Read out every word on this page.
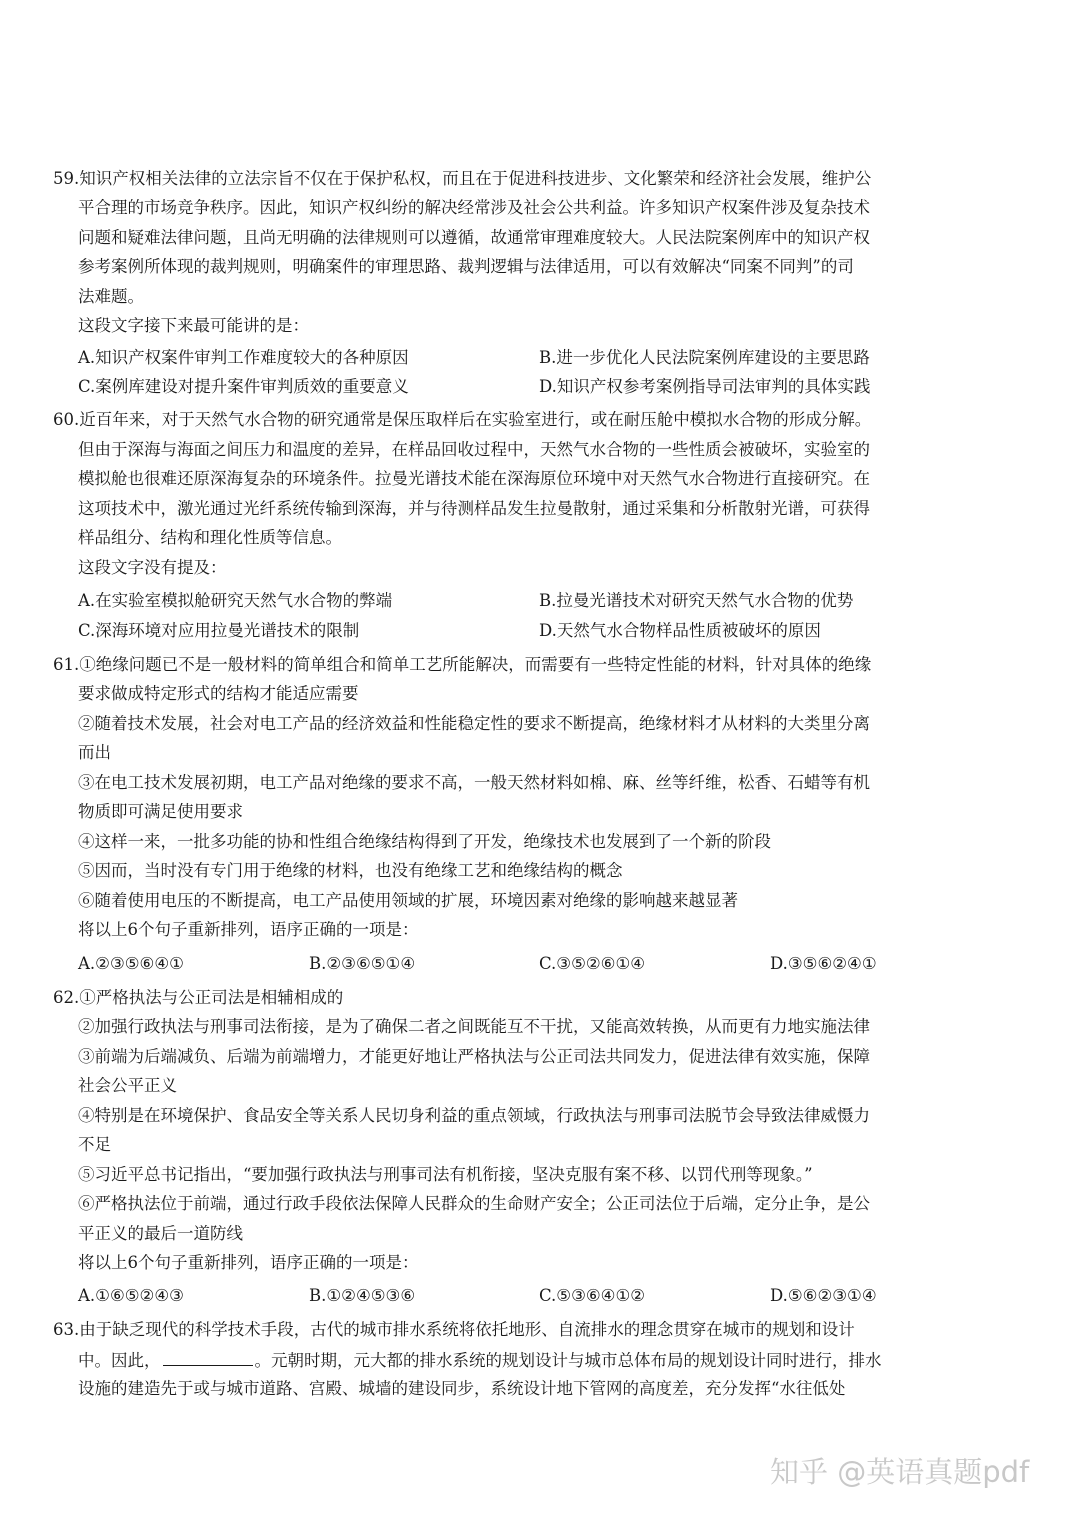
59.知识产权相关法律的立法宗旨不仅在于保护私权，而且在于促进科技进步、文化繁荣和经济社会发展，维护公
平合理的市场竞争秩序。因此，知识产权纠纷的解决经常涉及社会公共利益。许多知识产权案件涉及复杂技术
问题和疑难法律问题，且尚无明确的法律规则可以遵循，故通常审理难度较大。人民法院案例库中的知识产权
参考案例所体现的裁判规则，明确案件的审理思路、裁判逻辑与法律适用，可以有效解决“同案不同判”的司
法难题。
这段文字接下来最可能讲的是：
A.知识产权案件审判工作难度较大的各种原因	B.进一步优化人民法院案例库建设的主要思路
C.案例库建设对提升案件审判质效的重要意义	D.知识产权参考案例指导司法审判的具体实践
60.近百年来，对于天然气水合物的研究通常是保压取样后在实验室进行，或在耐压舱中模拟水合物的形成分解。
但由于深海与海面之间压力和温度的差异，在样品回收过程中，天然气水合物的一些性质会被破坏，实验室的
模拟舱也很难还原深海复杂的环境条件。拉曼光谱技术能在深海原位环境中对天然气水合物进行直接研究。在
这项技术中，激光通过光纤系统传输到深海，并与待测样品发生拉曼散射，通过采集和分析散射光谱，可获得
样品组分、结构和理化性质等信息。
这段文字没有提及：
A.在实验室模拟舱研究天然气水合物的弊端	B.拉曼光谱技术对研究天然气水合物的优势
C.深海环境对应用拉曼光谱技术的限制	D.天然气水合物样品性质被破坏的原因
61.①绝缘问题已不是一般材料的简单组合和简单工艺所能解决，而需要有一些特定性能的材料，针对具体的绝缘
要求做成特定形式的结构才能适应需要
②随着技术发展，社会对电工产品的经济效益和性能稳定性的要求不断提高，绝缘材料才从材料的大类里分离
而出
③在电工技术发展初期，电工产品对绝缘的要求不高，一般天然材料如棉、麻、丝等纤维，松香、石蜡等有机
物质即可满足使用要求
④这样一来，一批多功能的协和性组合绝缘结构得到了开发，绝缘技术也发展到了一个新的阶段
⑤因而，当时没有专门用于绝缘的材料，也没有绝缘工艺和绝缘结构的概念
⑥随着使用电压的不断提高，电工产品使用领域的扩展，环境因素对绝缘的影响越来越显著
将以上6个句子重新排列，语序正确的一项是：
A.②③⑤⑥④①	B.②③⑥⑤①④	C.③⑤②⑥①④	D.③⑤⑥②④①
62.①严格执法与公正司法是相辅相成的
②加强行政执法与刑事司法衔接，是为了确保二者之间既能互不干扰，又能高效转换，从而更有力地实施法律
③前端为后端减负、后端为前端增力，才能更好地让严格执法与公正司法共同发力，促进法律有效实施，保障
社会公平正义
④特别是在环境保护、食品安全等关系人民切身利益的重点领域，行政执法与刑事司法脱节会导致法律威慑力
不足
⑤习近平总书记指出，“要加强行政执法与刑事司法有机衔接，坚决克服有案不移、以罚代刑等现象。”
⑥严格执法位于前端，通过行政手段依法保障人民群众的生命财产安全；公正司法位于后端，定分止争，是公
平正义的最后一道防线
将以上6个句子重新排列，语序正确的一项是：
A.①⑥⑤②④③	B.①②④⑤③⑥	C.⑤③⑥④①②	D.⑤⑥②③①④
63.由于缺乏现代的科学技术手段，古代的城市排水系统将依托地形、自流排水的理念贯穿在城市的规划和设计
中。因此，	。元朝时期，元大都的排水系统的规划设计与城市总体布局的规划设计同时进行，排水
设施的建造先于或与城市道路、宫殿、城墙的建设同步，系统设计地下管网的高度差，充分发挥“水往低处
知乎 @英语真题pdf
